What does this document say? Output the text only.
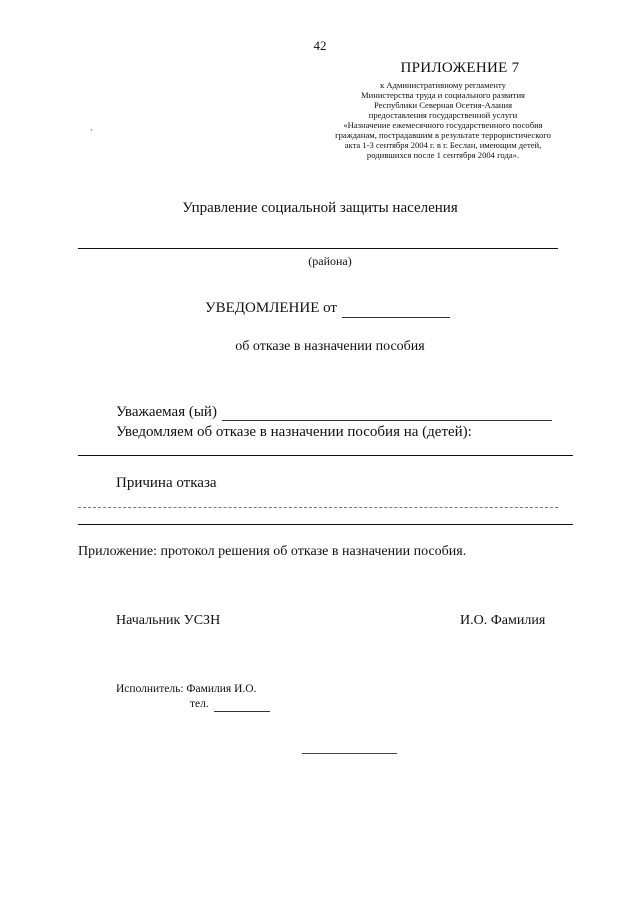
42
ПРИЛОЖЕНИЕ 7
к Административному регламенту
Министерства труда и социального развития
Республики Северная Осетия-Алания
предоставления государственной услуги
«Назначение ежемесячного государственного пособия
гражданам, пострадавшим в результате террористического
акта 1-3 сентября 2004 г. в г. Беслан, имеющим детей,
родившихся после 1 сентября 2004 года».
`
Управление социальной защиты населения
(района)
УВЕДОМЛЕНИЕ от
об отказе в назначении пособия
Уважаемая (ый)
Уведомляем об отказе в назначении пособия на (детей):
Причина отказа
Приложение: протокол решения об отказе в назначении пособия.
Начальник УСЗН	И.О. Фамилия
Исполнитель: Фамилия И.О.
тел.
